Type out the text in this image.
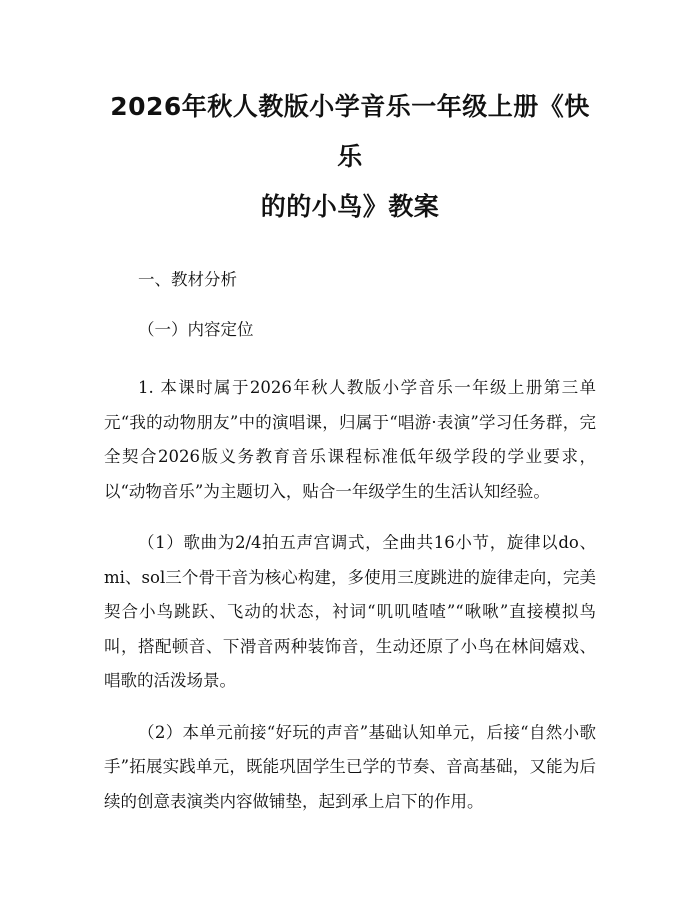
2026年秋人教版小学音乐一年级上册《快乐
的的小鸟》教案

一、教材分析

（一）内容定位

1. 本课时属于2026年秋人教版小学音乐一年级上册第三单元“我的动物朋友”中的演唱课，归属于“唱游·表演”学习任务群，完全契合2026版义务教育音乐课程标准低年级学段的学业要求，以“动物音乐”为主题切入，贴合一年级学生的生活认知经验。

（1）歌曲为2/4拍五声宫调式，全曲共16小节，旋律以do、mi、sol三个骨干音为核心构建，多使用三度跳进的旋律走向，完美契合小鸟跳跃、飞动的状态，衬词“叽叽喳喳”“啾啾”直接模拟鸟叫，搭配顿音、下滑音两种装饰音，生动还原了小鸟在林间嬉戏、唱歌的活泼场景。

（2）本单元前接“好玩的声音”基础认知单元，后接“自然小歌手”拓展实践单元，既能巩固学生已学的节奏、音高基础，又能为后续的创意表演类内容做铺垫，起到承上启下的作用。
